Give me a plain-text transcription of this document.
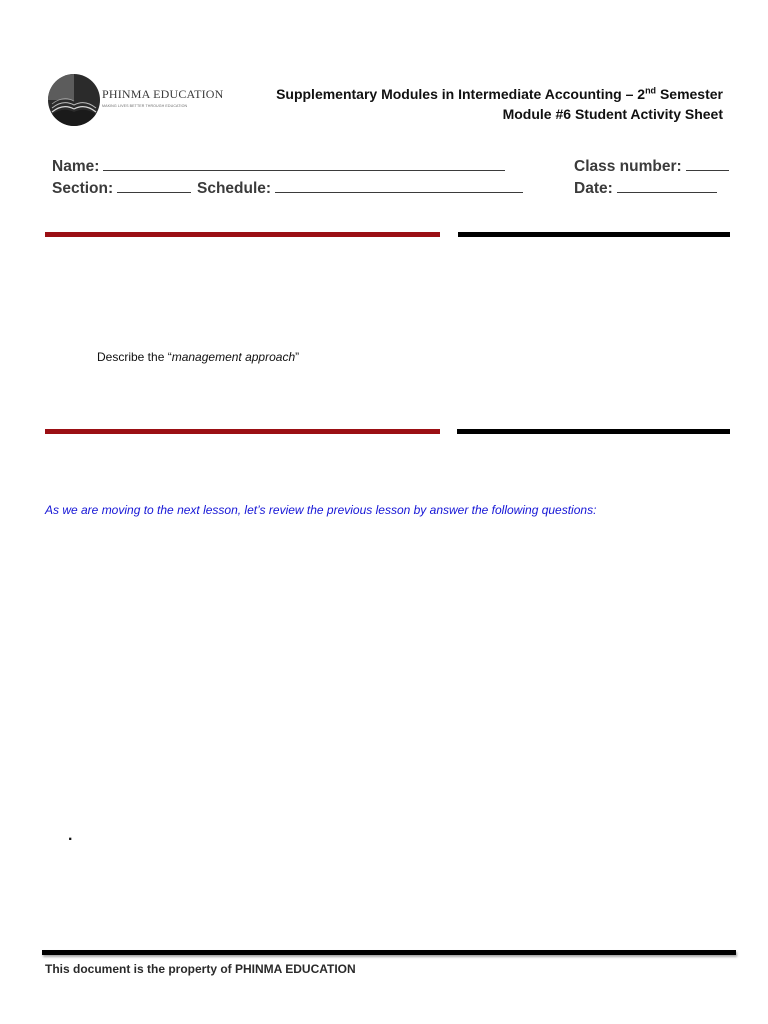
PHINMA EDUCATION
MAKING LIVES BETTER THROUGH EDUCATION
Supplementary Modules in Intermediate Accounting – 2nd Semester
Module #6 Student Activity Sheet
Name:	Class number:
Section:	Schedule:	Date:
Describe the “management approach”
As we are moving to the next lesson, let’s review the previous lesson by answer the following questions:
.
This document is the property of PHINMA EDUCATION
